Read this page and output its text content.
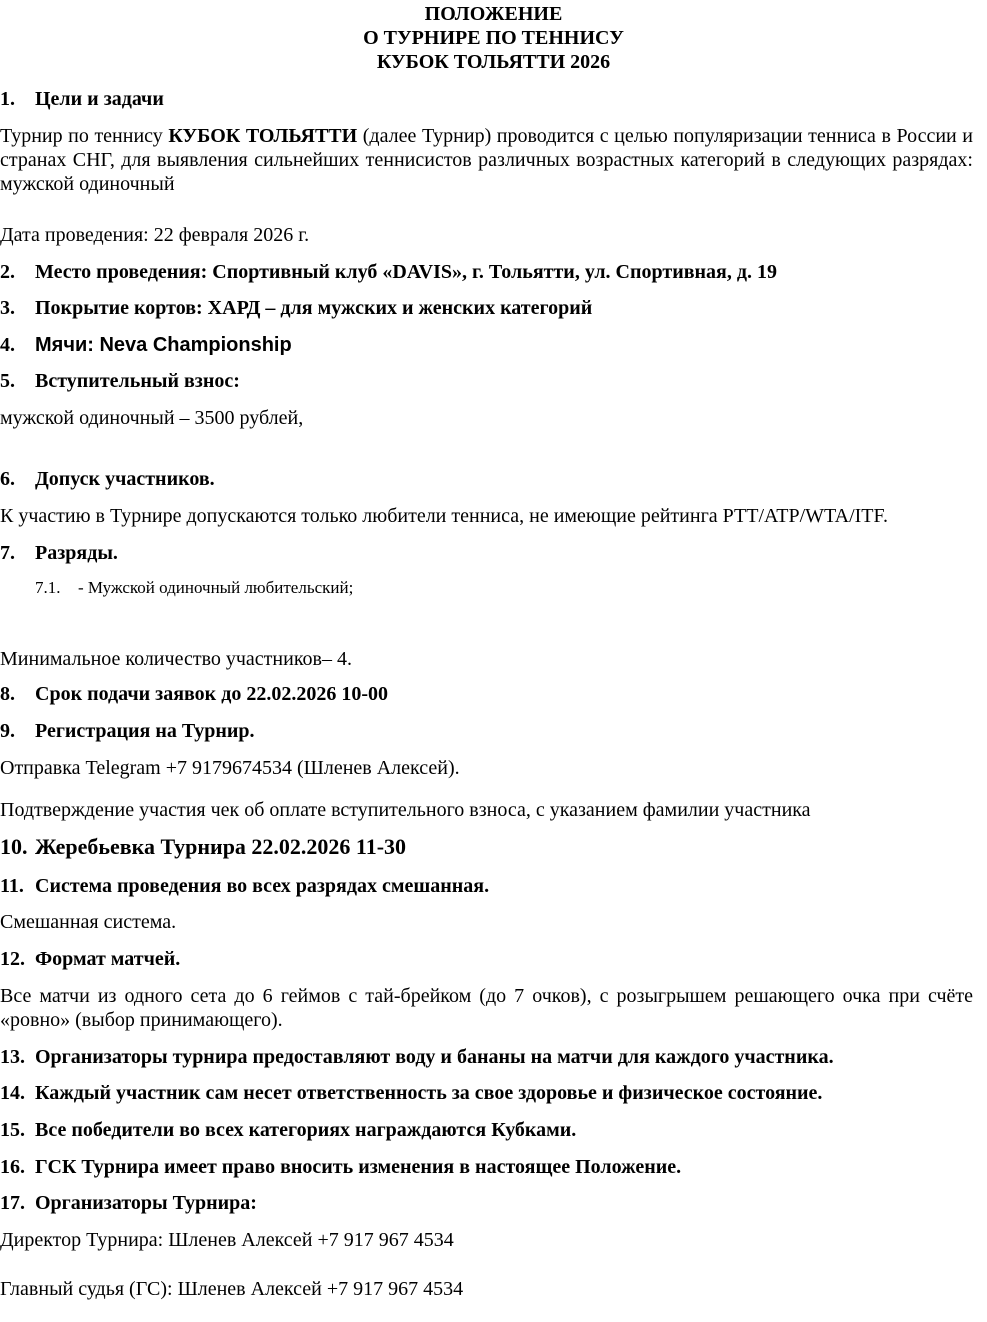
ПОЛОЖЕНИЕ
О ТУРНИРЕ ПО ТЕННИСУ
КУБОК ТОЛЬЯТТИ 2026
1. Цели и задачи
Турнир по теннису КУБОК ТОЛЬЯТТИ (далее Турнир) проводится с целью популяризации тенниса в России и странах СНГ, для выявления сильнейших теннисистов различных возрастных категорий в следующих разрядах: мужской одиночный
Дата проведения: 22 февраля 2026 г.
2. Место проведения: Спортивный клуб «DAVIS», г. Тольятти, ул. Спортивная, д. 19
3. Покрытие кортов: ХАРД – для мужских и женских категорий
4. Мячи: Neva Championship
5. Вступительный взнос:
мужской одиночный – 3500 рублей,
6. Допуск участников.
К участию в Турнире допускаются только любители тенниса, не имеющие рейтинга РТТ/ATP/WTA/ITF.
7. Разряды.
7.1. - Мужской одиночный любительский;
Минимальное количество участников– 4.
8. Срок подачи заявок до 22.02.2026 10-00
9. Регистрация на Турнир.
Отправка Telegram +7 9179674534 (Шленев Алексей).
Подтверждение участия чек об оплате вступительного взноса, с указанием фамилии участника
10. Жеребьевка Турнира 22.02.2026 11-30
11. Система проведения во всех разрядах смешанная.
Смешанная система.
12. Формат матчей.
Все матчи из одного сета до 6 геймов с тай-брейком (до 7 очков), с розыгрышем решающего очка при счёте «ровно» (выбор принимающего).
13. Организаторы турнира предоставляют воду и бананы на матчи для каждого участника.
14. Каждый участник сам несет ответственность за свое здоровье и физическое состояние.
15. Все победители во всех категориях награждаются Кубками.
16. ГСК Турнира имеет право вносить изменения в настоящее Положение.
17. Организаторы Турнира:
Директор Турнира: Шленев Алексей +7 917 967 4534
Главный судья (ГС): Шленев Алексей +7 917 967 4534
